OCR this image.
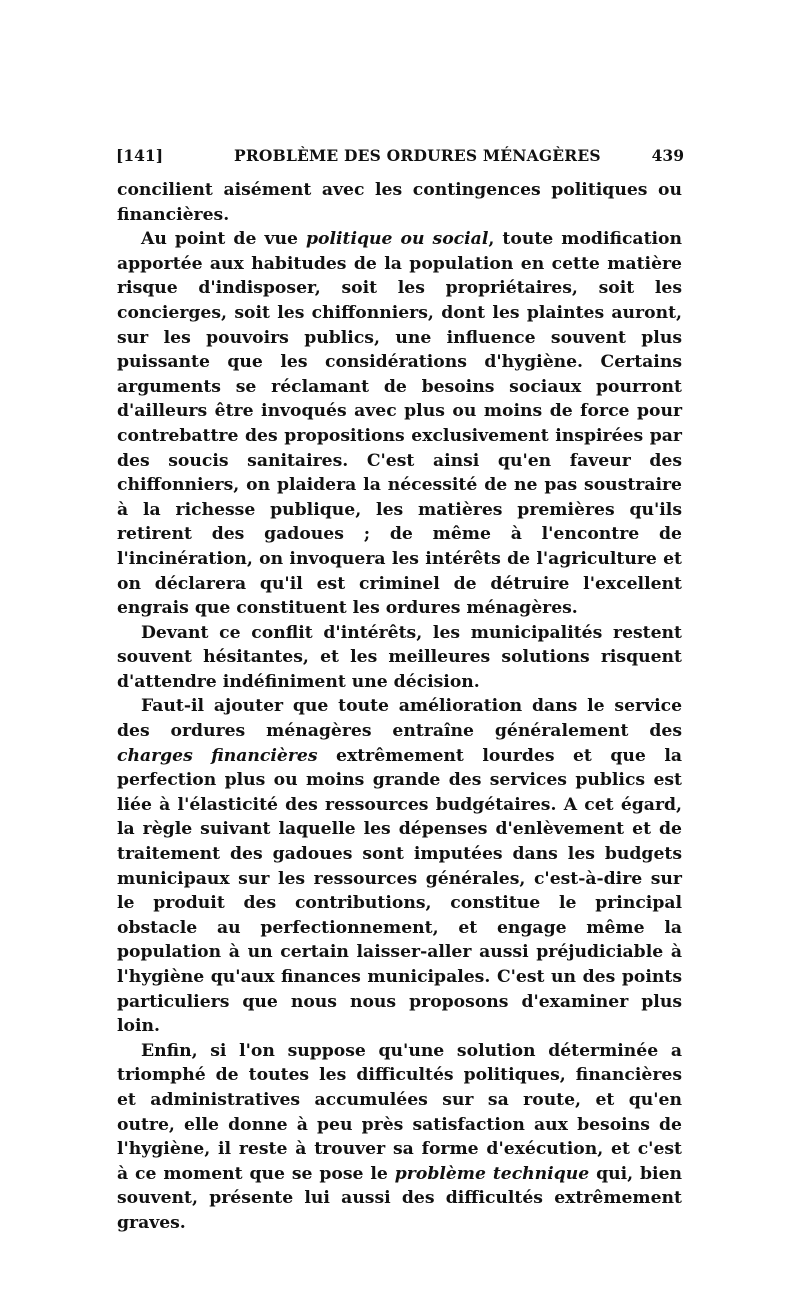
[141]	PROBLÈME DES ORDURES MÉNAGÈRES	439

concilient aisément avec les contingences politiques ou financières.

Au point de vue politique ou social, toute modification apportée aux habitudes de la population en cette matière risque d'indisposer, soit les propriétaires, soit les concierges, soit les chiffonniers, dont les plaintes auront, sur les pouvoirs publics, une influence souvent plus puissante que les considérations d'hygiène. Certains arguments se réclamant de besoins sociaux pourront d'ailleurs être invoqués avec plus ou moins de force pour contrebattre des propositions exclusivement inspirées par des soucis sanitaires. C'est ainsi qu'en faveur des chiffonniers, on plaidera la nécessité de ne pas soustraire à la richesse publique, les matières premières qu'ils retirent des gadoues ; de même à l'encontre de l'incinération, on invoquera les intérêts de l'agriculture et on déclarera qu'il est criminel de détruire l'excellent engrais que constituent les ordures ménagères.

Devant ce conflit d'intérêts, les municipalités restent souvent hésitantes, et les meilleures solutions risquent d'attendre indéfiniment une décision.

Faut-il ajouter que toute amélioration dans le service des ordures ménagères entraîne généralement des charges financières extrêmement lourdes et que la perfection plus ou moins grande des services publics est liée à l'élasticité des ressources budgétaires. A cet égard, la règle suivant laquelle les dépenses d'enlèvement et de traitement des gadoues sont imputées dans les budgets municipaux sur les ressources générales, c'est-à-dire sur le produit des contributions, constitue le principal obstacle au perfectionnement, et engage même la population à un certain laisser-aller aussi préjudiciable à l'hygiène qu'aux finances municipales. C'est un des points particuliers que nous nous proposons d'examiner plus loin.

Enfin, si l'on suppose qu'une solution déterminée a triomphé de toutes les difficultés politiques, financières et administratives accumulées sur sa route, et qu'en outre, elle donne à peu près satisfaction aux besoins de l'hygiène, il reste à trouver sa forme d'exécution, et c'est à ce moment que se pose le problème technique qui, bien souvent, présente lui aussi des difficultés extrêmement graves.
